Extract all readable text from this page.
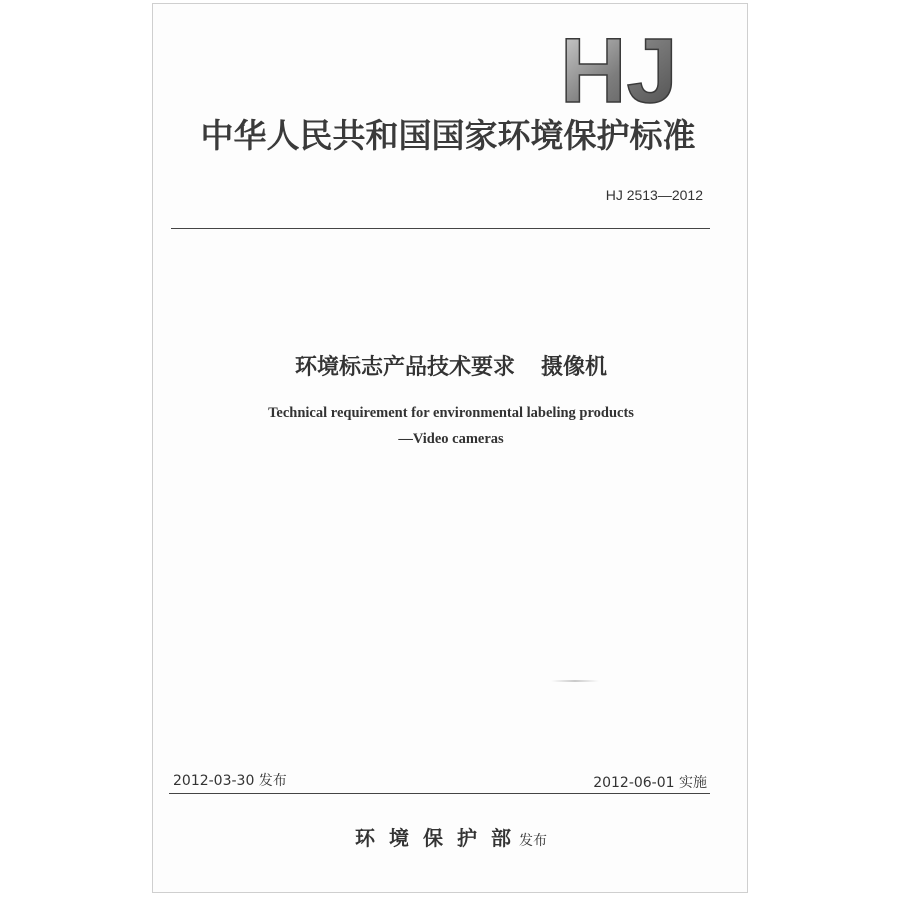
HJ
中华人民共和国国家环境保护标准
HJ 2513—2012
环境标志产品技术要求 摄像机
Technical requirement for environmental labeling products
—Video cameras
2012-03-30 发布	2012-06-01 实施
环境保护部发布
